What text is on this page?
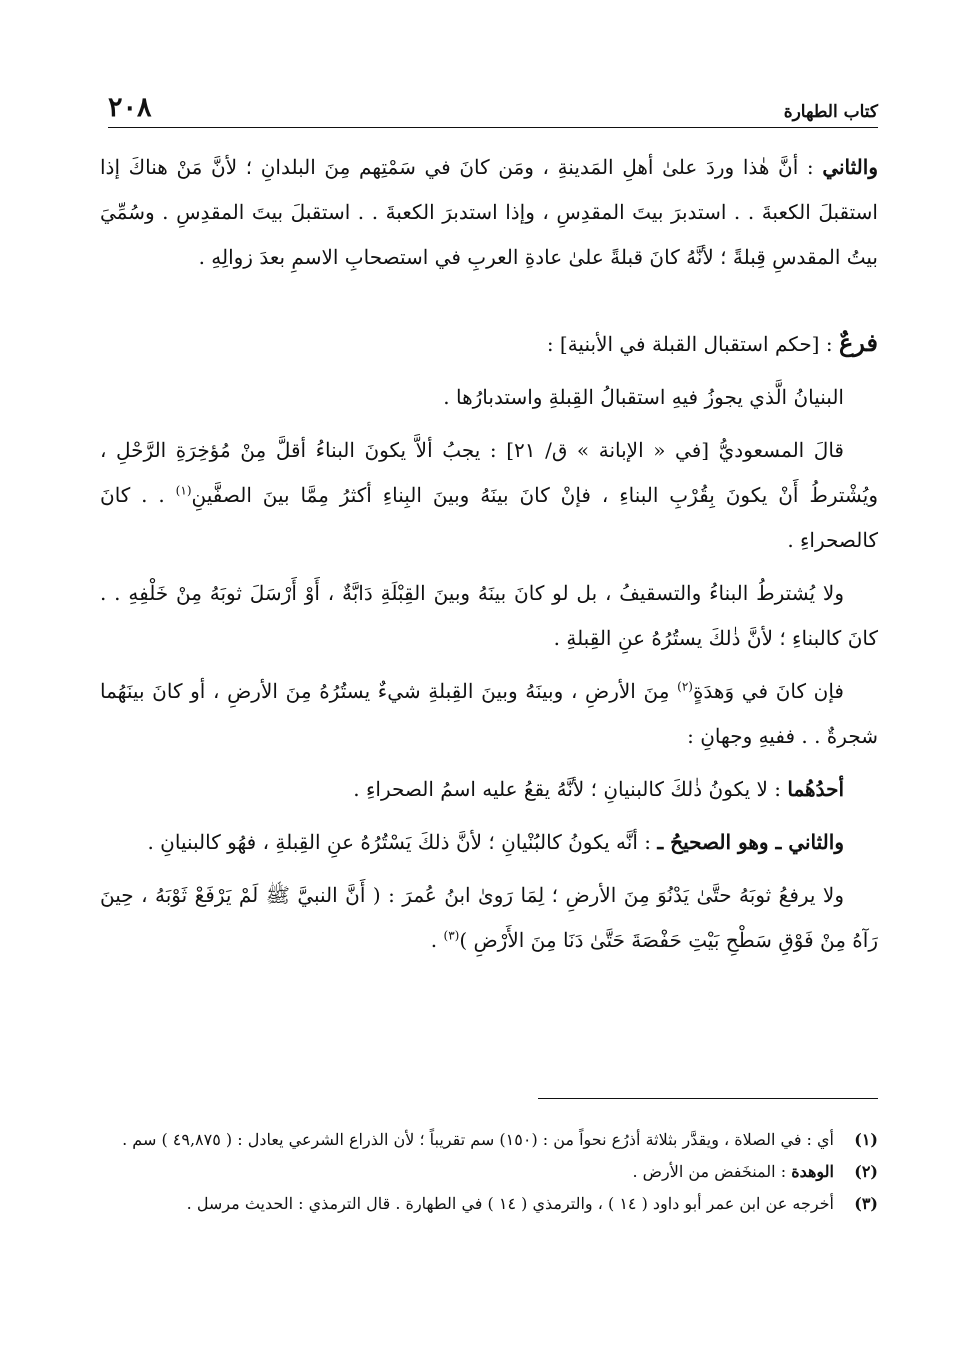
كتاب الطهارة
٢٠٨

والثاني : أنَّ هٰذا وردَ علىٰ أهلِ المَدينةِ ، ومَن كانَ في سَمْتِهم مِنَ البلدانِ ؛ لأنَّ مَنْ هناكَ إذا استقبلَ الكعبةَ . . استدبرَ بيتَ المقدِسِ ، وإذا استدبرَ الكعبةَ . . استقبلَ بيتَ المقدِسِ . وسُمِّيَ بيتُ المقدسِ قِبلةً ؛ لأنَّهُ كانَ قبلةً علىٰ عادةِ العربِ في استصحابِ الاسمِ بعدَ زوالِهِ .

فرعٌ : [حكم استقبال القبلة في الأبنية] :

البنيانُ الَّذي يجوزُ فيهِ استقبالُ القِبلةِ واستدبارُها .

قالَ المسعوديُّ [في « الإبانة » ق/ ٢١] : يجبُ ألاَّ يكونَ البناءُ أقلَّ مِنْ مُؤخِرَةِ الرَّحْلِ ، ويُشْترطُ أَنْ يكونَ بِقُرْبِ البناءِ ، فإنْ كانَ بينَهُ وبينَ البِناءِ أكثرُ مِمَّا بينَ الصفَّينِ$^{(١)}$ . . كانَ كالصحراءِ .

ولا يُشترطُ البناءُ والتسقيفُ ، بل لو كانَ بينَهُ وبينَ القِبْلَةِ دَابَّةٌ ، أَوْ أَرْسَلَ ثوبَهُ مِنْ خَلْفِهِ . . كانَ كالبناءِ ؛ لأنَّ ذٰلكَ يستُرُهُ عنِ القِبلةِ .

فإن كانَ في وَهدَةٍ$^{(٢)}$ مِنَ الأرضِ ، وبينَهُ وبينَ القِبلةِ شيءٌ يستُرُهُ مِنَ الأرضِ ، أو كانَ بينَهُما شجرةٌ . . ففيهِ وجهانِ :

أحدُهُما : لا يكونُ ذٰلكَ كالبنيانِ ؛ لأنَّهُ يقعُ عليه اسمُ الصحراءِ .

والثاني ـ وهو الصحيحُ ـ : أنَّه يكونُ كالبُنْيانِ ؛ لأنَّ ذلكَ يَسْتُرُهُ عنِ القِبلةِ ، فهُو كالبنيانِ .

ولا يرفعُ ثوبَهُ حتَّىٰ يَدْنُوَ مِنَ الأرضِ ؛ لِمَا رَوىٰ ابنُ عُمرَ : ( أَنَّ النبيَّ ﷺ لَمْ يَرْفَعْ ثَوْبَهُ ، حِينَ رَآهُ مِنْ فَوْقِ سَطْحِ بَيْتِ حَفْصَةَ حَتَّىٰ دَنَا مِنَ الأَرْضِ )$^{(٣)}$ .

(١)
أي : في الصلاة ، ويقدَّر بثلاثة أذرُع نحواً من : (١٥٠) سم تقريباً ؛ لأن الذراع الشرعي يعادل : ( ٤٩,٨٧٥ ) سم .
(٢)
الوهدة : المنخَفض من الأرض .
(٣)
أخرجه عن ابن عمر أبو داود ( ١٤ ) ، والترمذي ( ١٤ ) في الطهارة . قال الترمذي : الحديث مرسل .
